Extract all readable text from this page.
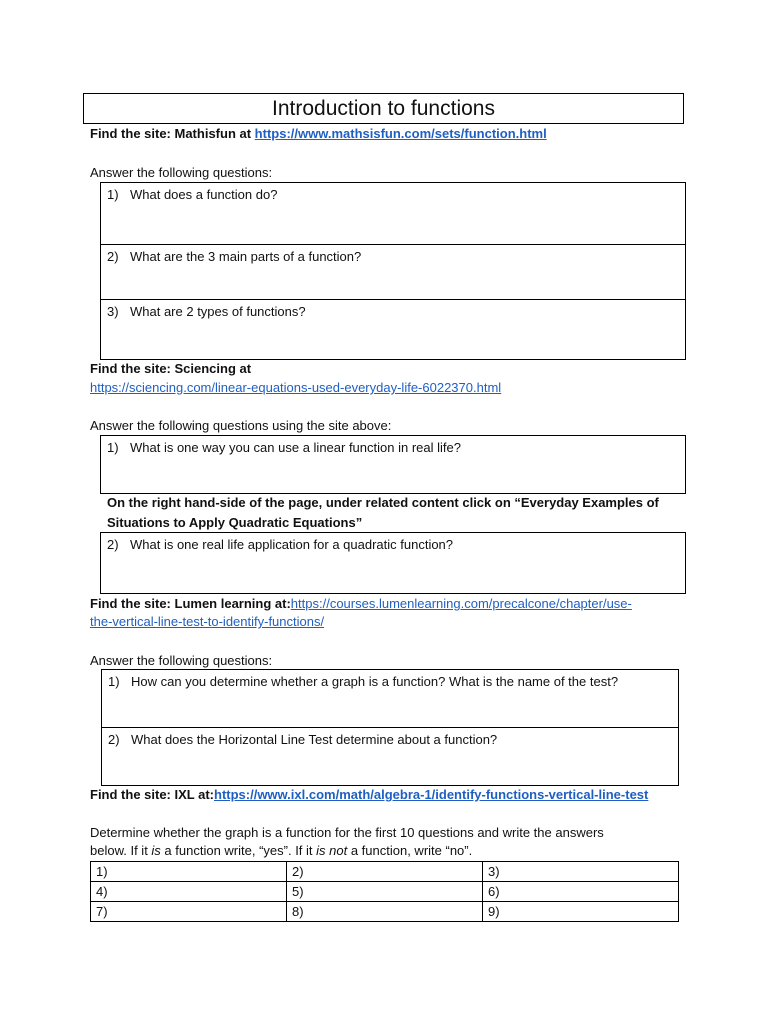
Introduction to functions
Find the site: Mathisfun at https://www.mathsisfun.com/sets/function.html
Answer the following questions:
1) What does a function do?
2) What are the 3 main parts of a function?
3) What are 2 types of functions?
Find the site: Sciencing at
https://sciencing.com/linear-equations-used-everyday-life-6022370.html
Answer the following questions using the site above:
1) What is one way you can use a linear function in real life?
On the right hand-side of the page, under related content click on “Everyday Examples of
Situations to Apply Quadratic Equations”
2) What is one real life application for a quadratic function?
Find the site: Lumen learning at:https://courses.lumenlearning.com/precalcone/chapter/use-
the-vertical-line-test-to-identify-functions/
Answer the following questions:
1) How can you determine whether a graph is a function? What is the name of the test?
2) What does the Horizontal Line Test determine about a function?
Find the site: IXL at:https://www.ixl.com/math/algebra-1/identify-functions-vertical-line-test
Determine whether the graph is a function for the first 10 questions and write the answers
below. If it is a function write, “yes”. If it is not a function, write “no”.
1)	2)	3)
4)	5)	6)
7)	8)	9)
